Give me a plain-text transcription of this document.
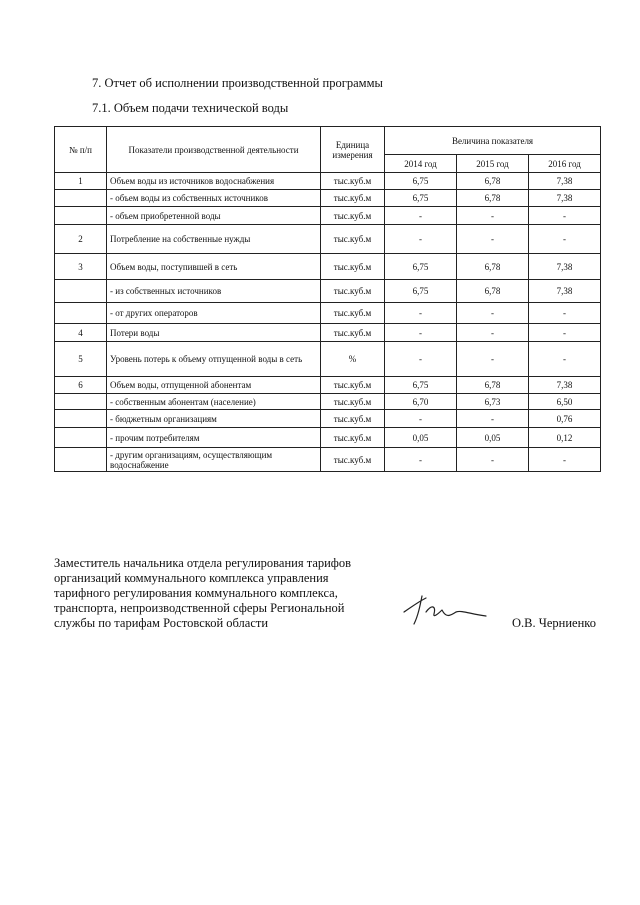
7. Отчет об исполнении производственной программы
7.1. Объем подачи технической воды
№ п/п	Показатели производственной деятельности	Единица измерения	Величина показателя		
			2014 год	2015 год	2016 год
1	Объем воды из источников водоснабжения	тыс.куб.м	6,75	6,78	7,38
	- объем воды из собственных источников	тыс.куб.м	6,75	6,78	7,38
	- объем приобретенной воды	тыс.куб.м	-	-	-
2	Потребление на собственные нужды	тыс.куб.м	-	-	-
3	Объем воды, поступившей в сеть	тыс.куб.м	6,75	6,78	7,38
	- из собственных источников	тыс.куб.м	6,75	6,78	7,38
	- от других операторов	тыс.куб.м	-	-	-
4	Потери воды	тыс.куб.м	-	-	-
5	Уровень потерь к объему отпущенной воды в сеть	%	-	-	-
6	Объем воды, отпущенной абонентам	тыс.куб.м	6,75	6,78	7,38
	- собственным абонентам (население)	тыс.куб.м	6,70	6,73	6,50
	- бюджетным организациям	тыс.куб.м	-	-	0,76
	- прочим потребителям	тыс.куб.м	0,05	0,05	0,12
	- другим организациям, осуществляющим водоснабжение	тыс.куб.м	-	-	-
Заместитель начальника отдела регулирования тарифов
организаций коммунального комплекса управления
тарифного регулирования коммунального комплекса,
транспорта, непроизводственной сферы Региональной
службы по тарифам Ростовской области	О.В. Черниенко
